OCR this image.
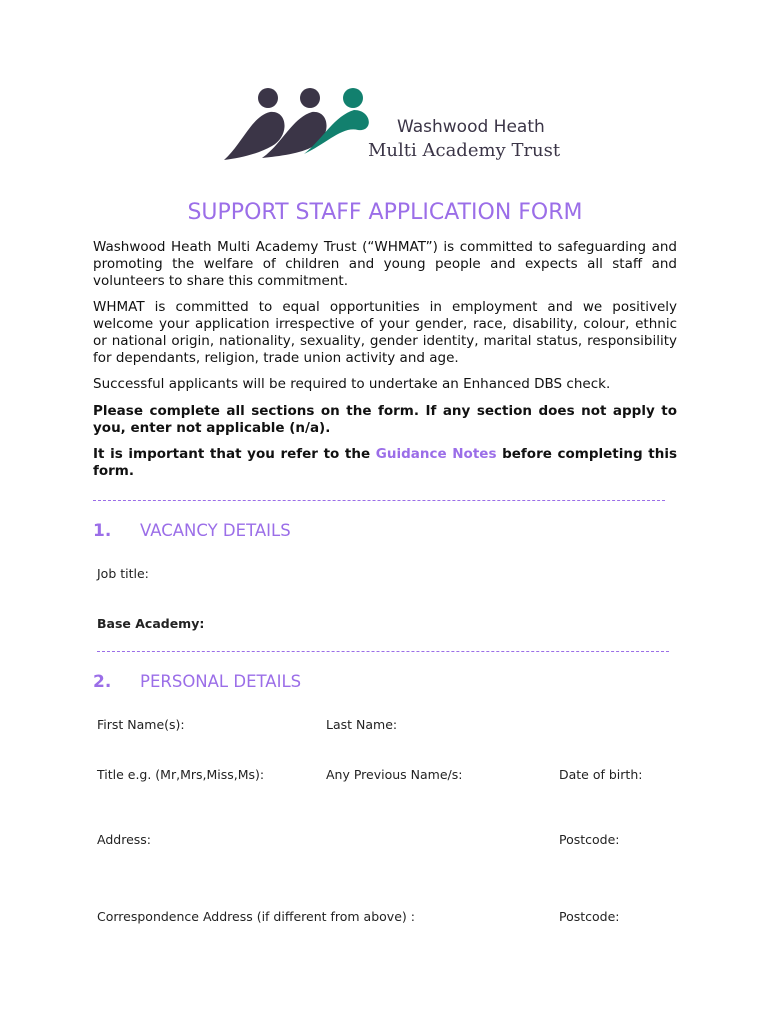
Washwood Heath
Multi Academy Trust
SUPPORT STAFF APPLICATION FORM

Washwood Heath Multi Academy Trust (“WHMAT”) is committed to safeguarding and promoting the welfare of children and young people and expects all staff and volunteers to share this commitment.

WHMAT is committed to equal opportunities in employment and we positively welcome your application irrespective of your gender, race, disability, colour, ethnic or national origin, nationality, sexuality, gender identity, marital status, responsibility for dependants, religion, trade union activity and age.

Successful applicants will be required to undertake an Enhanced DBS check.

Please complete all sections on the form. If any section does not apply to you, enter not applicable (n/a).

It is important that you refer to the Guidance Notes before completing this form.

1. VACANCY DETAILS
Job title:
Base Academy:
2. PERSONAL DETAILS
First Name(s):	Last Name:
Title e.g. (Mr,Mrs,Miss,Ms):	Any Previous Name/s:	Date of birth:
Address:	Postcode:
Correspondence Address (if different from above) :	Postcode:
